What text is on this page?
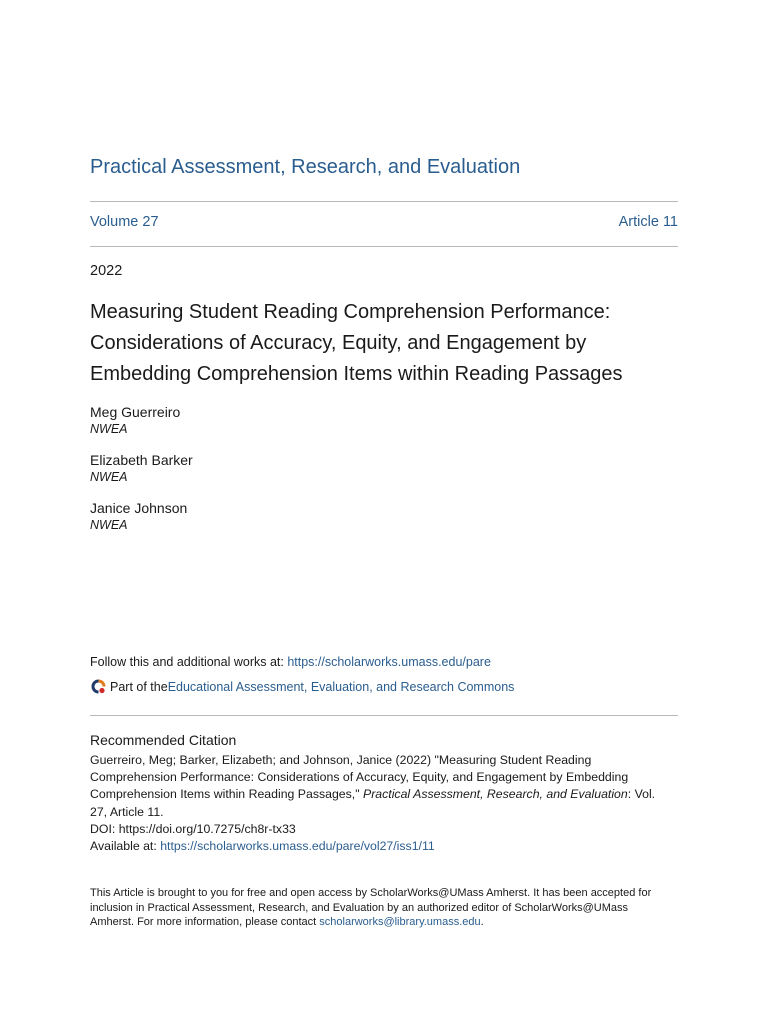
Practical Assessment, Research, and Evaluation
Volume 27	Article 11
2022
Measuring Student Reading Comprehension Performance:
Considerations of Accuracy, Equity, and Engagement by
Embedding Comprehension Items within Reading Passages
Meg Guerreiro
NWEA
Elizabeth Barker
NWEA
Janice Johnson
NWEA
Follow this and additional works at: https://scholarworks.umass.edu/pare
Part of the Educational Assessment, Evaluation, and Research Commons
Recommended Citation
Guerreiro, Meg; Barker, Elizabeth; and Johnson, Janice (2022) "Measuring Student Reading
Comprehension Performance: Considerations of Accuracy, Equity, and Engagement by Embedding
Comprehension Items within Reading Passages," Practical Assessment, Research, and Evaluation: Vol.
27, Article 11.
DOI: https://doi.org/10.7275/ch8r-tx33
Available at: https://scholarworks.umass.edu/pare/vol27/iss1/11
This Article is brought to you for free and open access by ScholarWorks@UMass Amherst. It has been accepted for
inclusion in Practical Assessment, Research, and Evaluation by an authorized editor of ScholarWorks@UMass
Amherst. For more information, please contact scholarworks@library.umass.edu.
